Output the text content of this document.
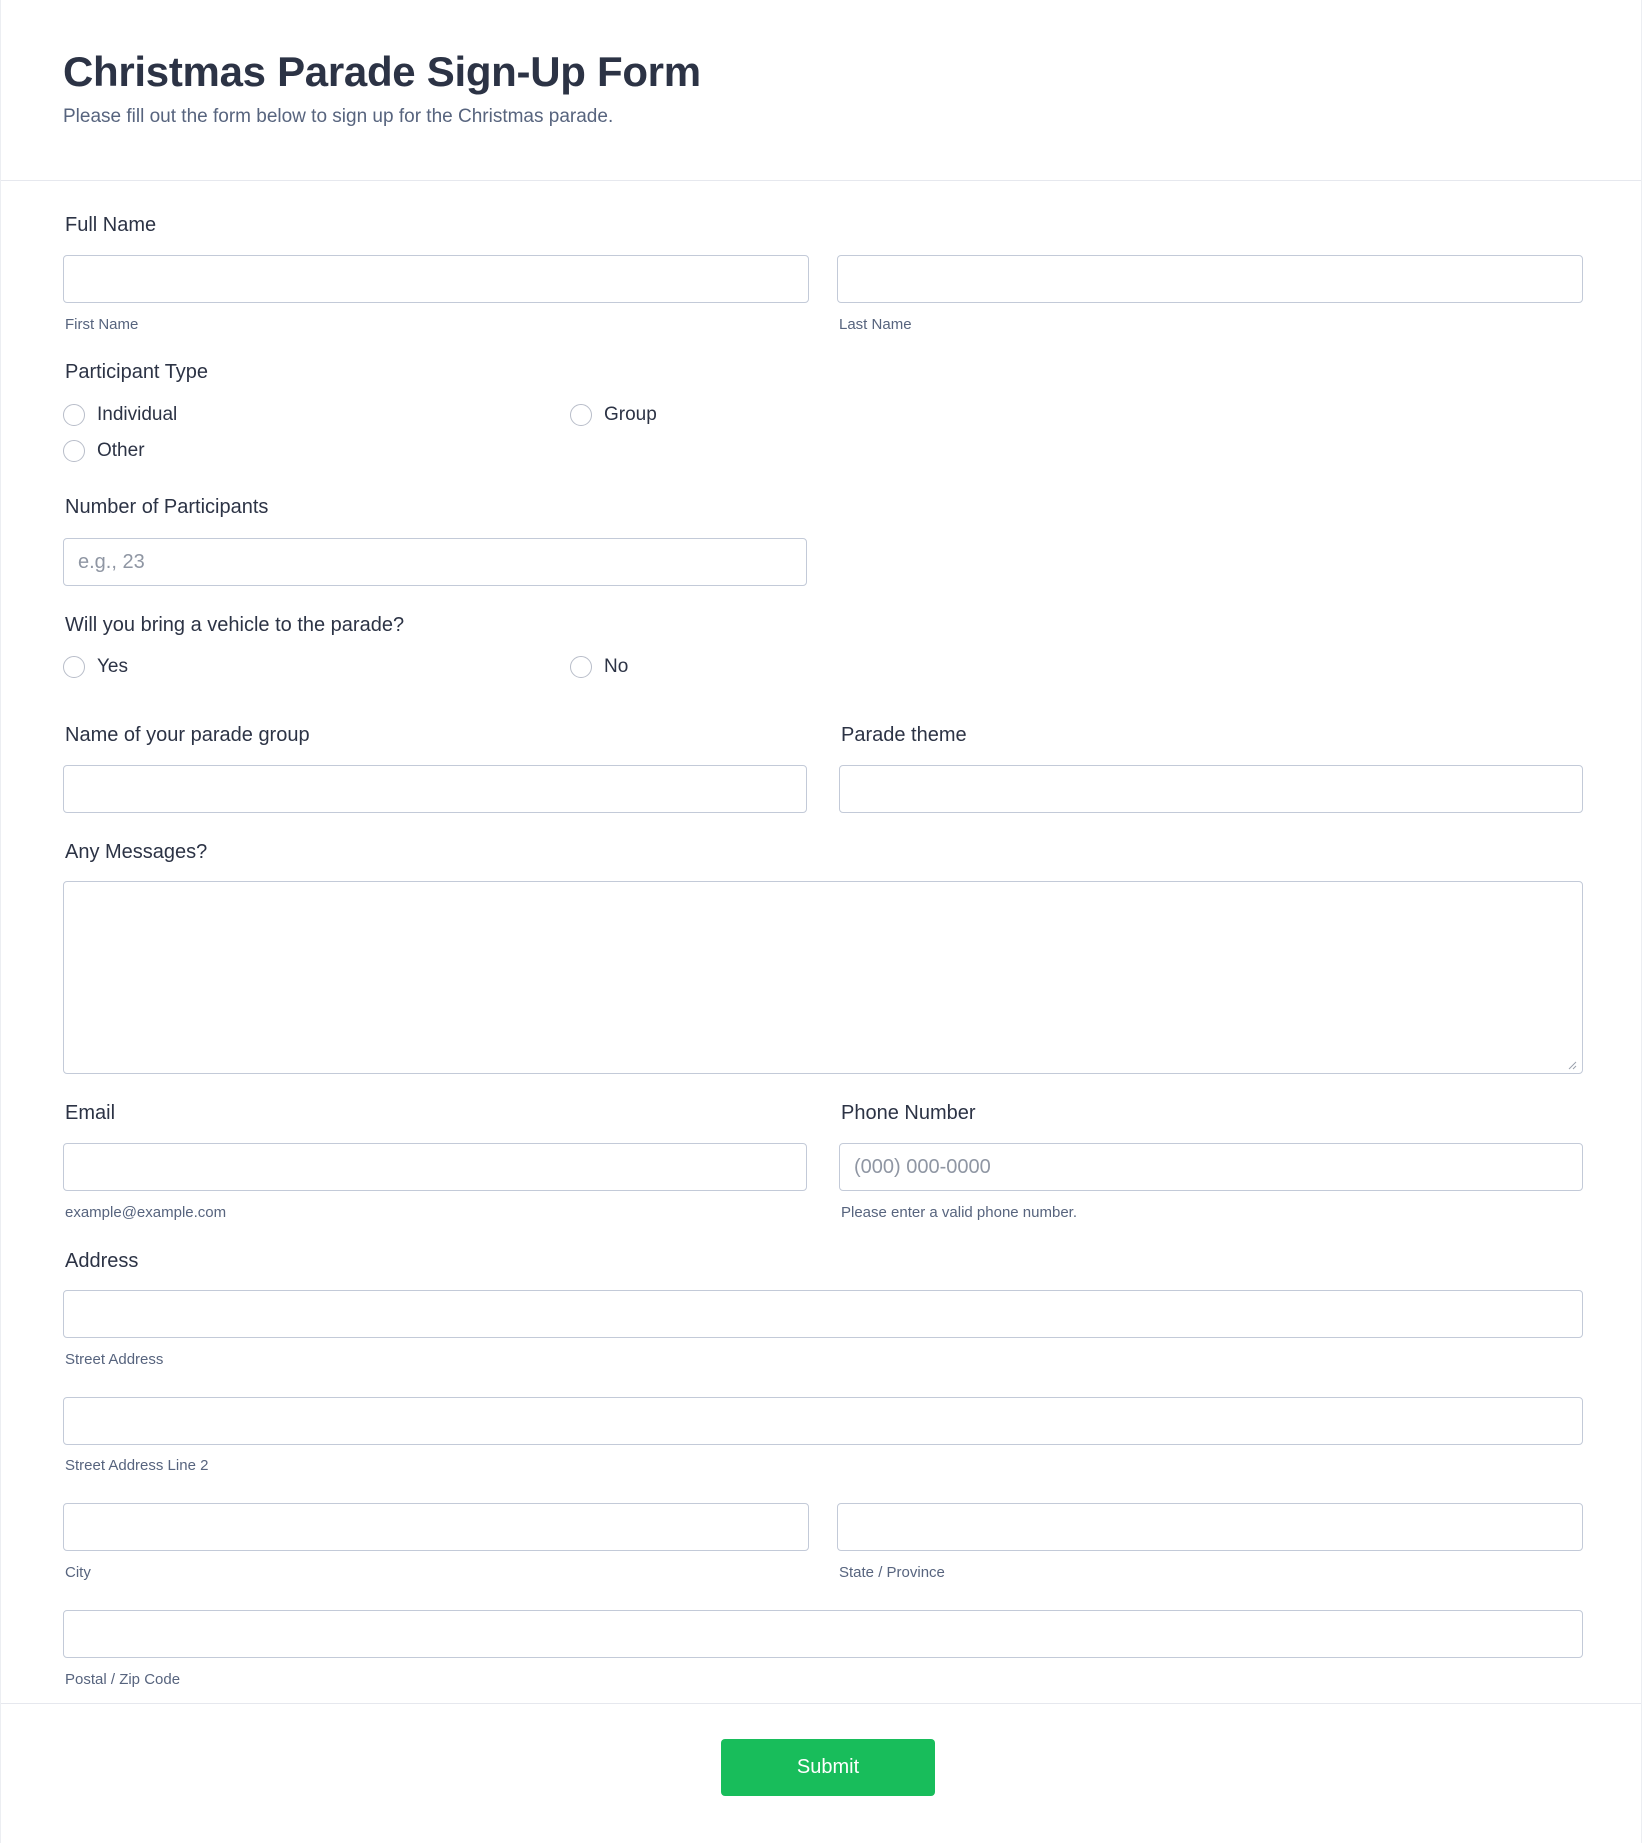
Christmas Parade Sign-Up Form
Please fill out the form below to sign up for the Christmas parade.
Full Name
First Name	Last Name
Participant Type
Individual	Group
Other
Number of Participants
e.g., 23
Will you bring a vehicle to the parade?
Yes	No
Name of your parade group	Parade theme
Any Messages?
Email
example@example.com
Phone Number
(000) 000-0000
Please enter a valid phone number.
Address
Street Address
Street Address Line 2
City	State / Province
Postal / Zip Code
Submit
